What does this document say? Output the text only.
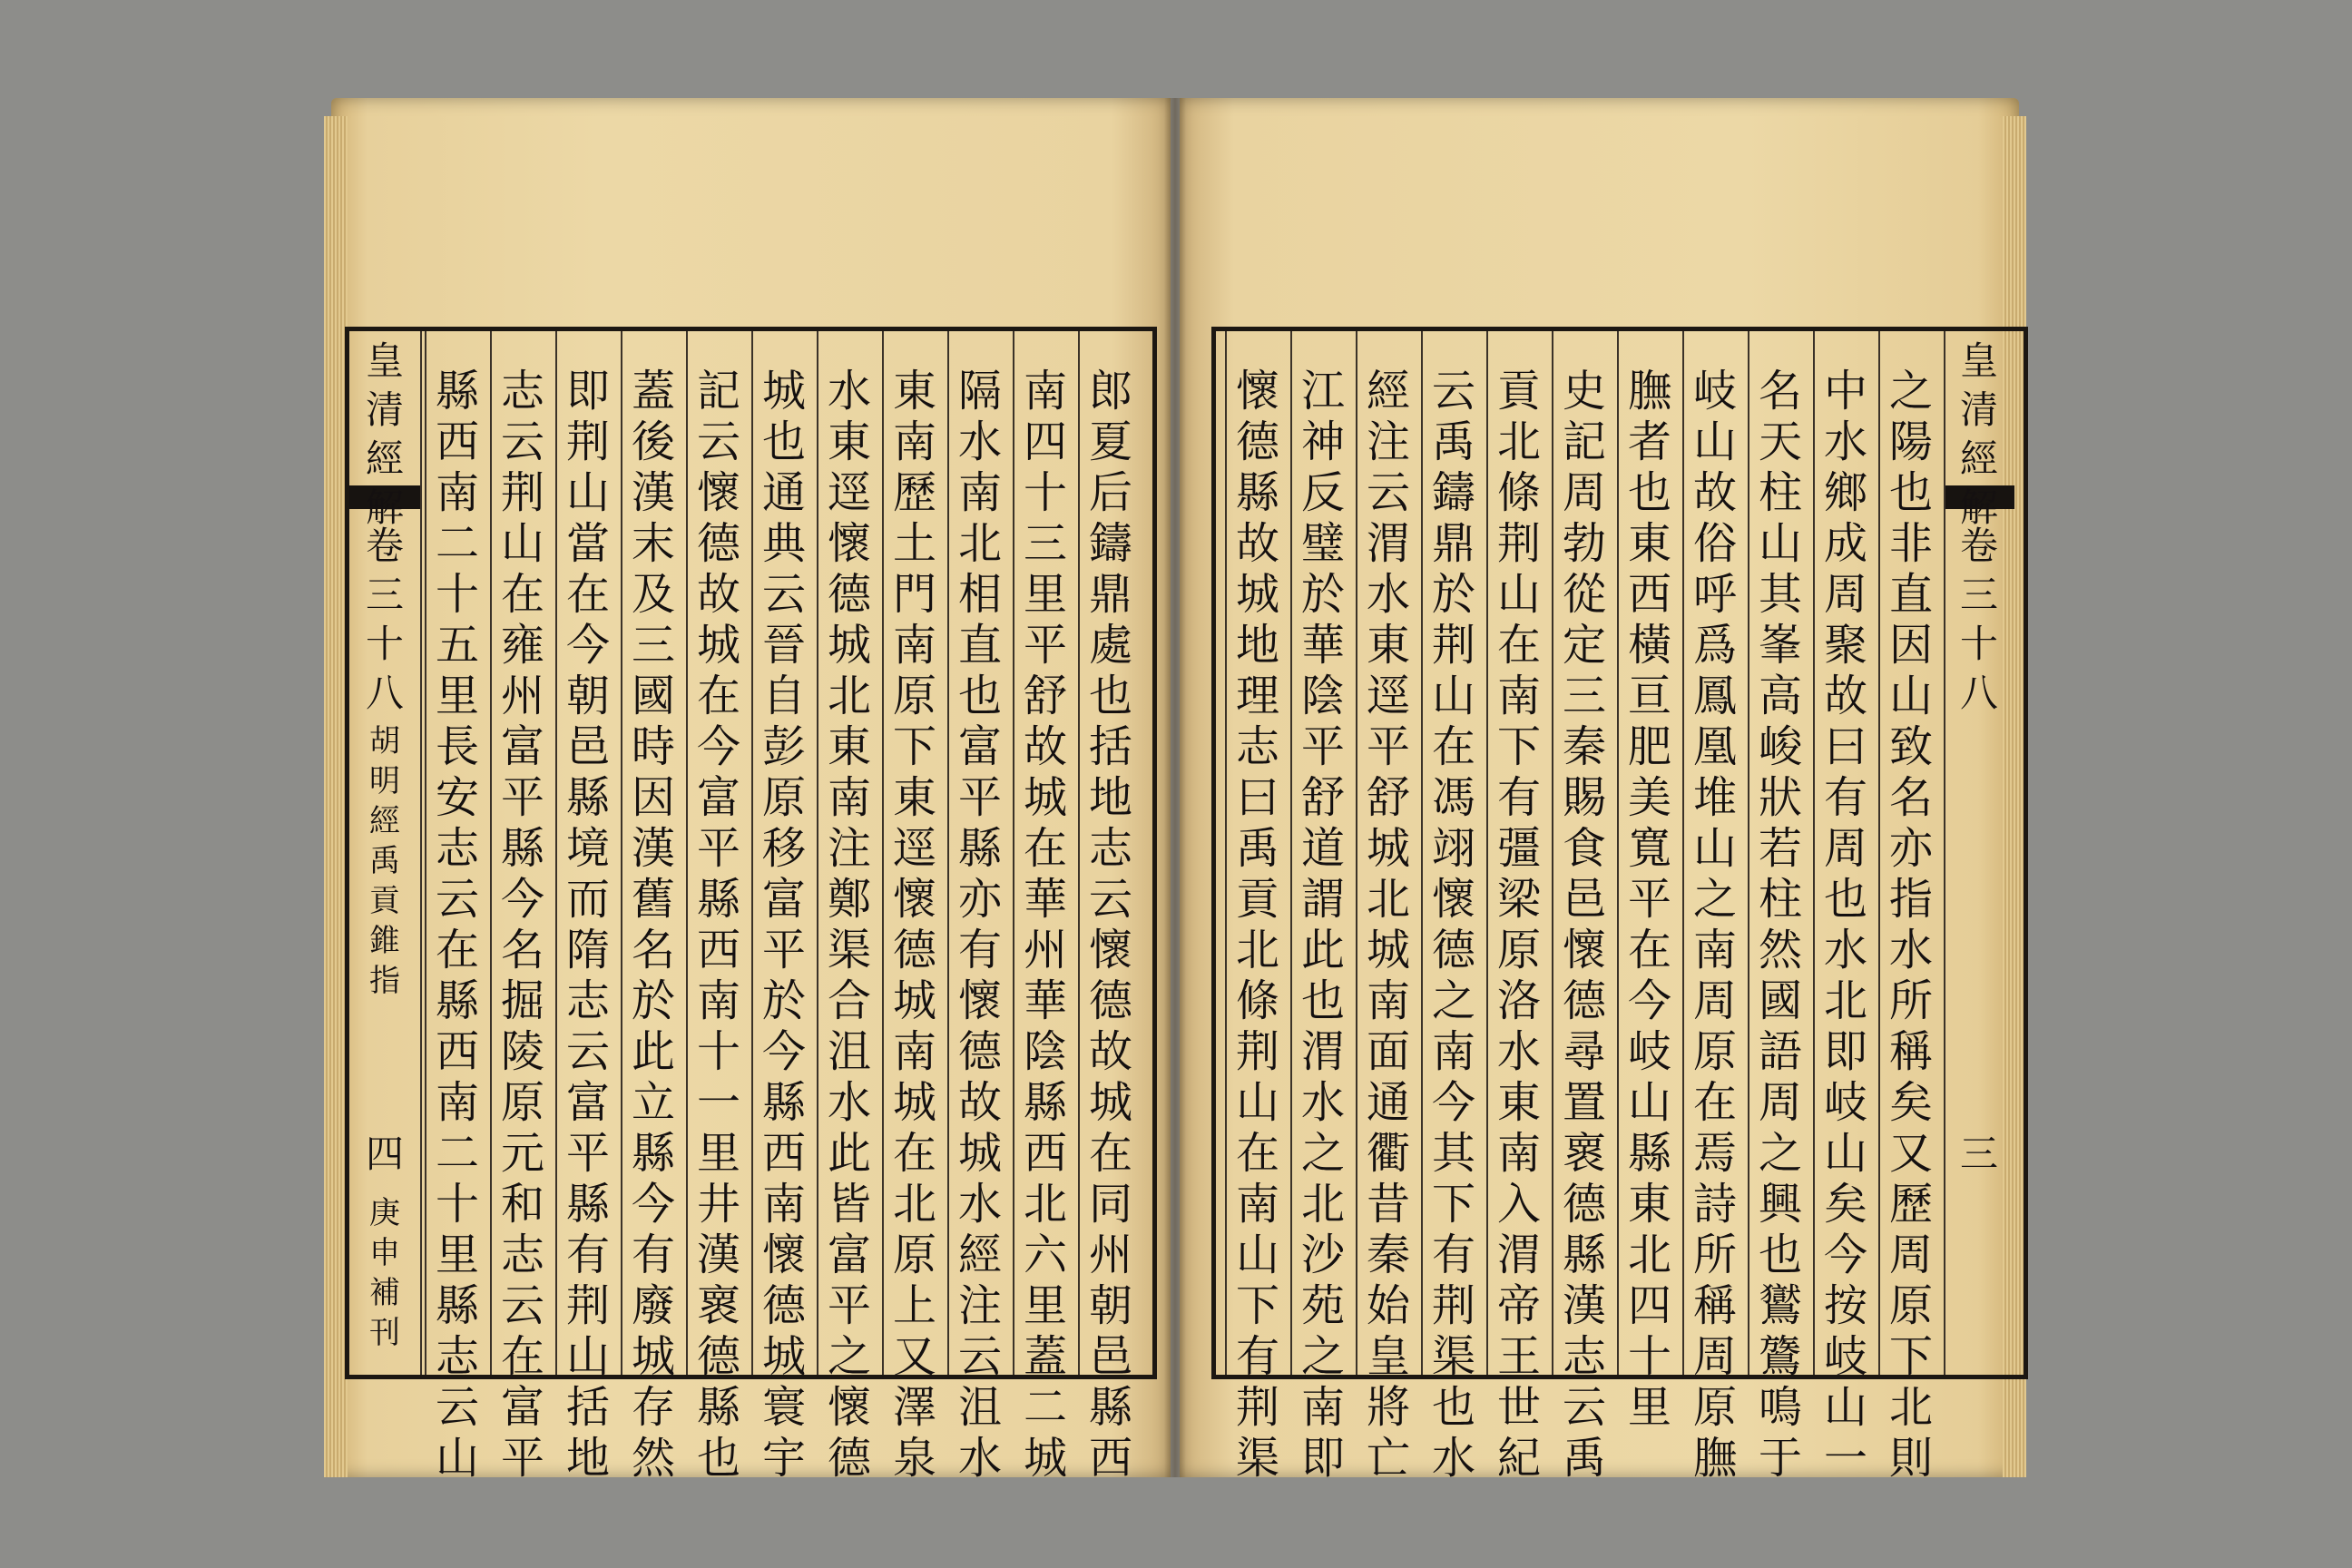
皇
清
經
解
卷
三
十
八
胡
明
經
禹
貢
錐
指
四
庚
申
補
刊
郎
夏
后
鑄
鼎
處
也
括
地
志
云
懷
德
故
城
在
同
州
朝
邑
縣
西
南
四
十
三
里
平
舒
故
城
在
華
州
華
陰
縣
西
北
六
里
蓋
二
城
隔
水
南
北
相
直
也
富
平
縣
亦
有
懷
德
故
城
水
經
注
云
沮
水
東
南
歷
土
門
南
原
下
東
逕
懷
德
城
南
城
在
北
原
上
又
澤
泉
水
東
逕
懷
德
城
北
東
南
注
鄭
渠
合
沮
水
此
皆
富
平
之
懷
德
城
也
通
典
云
晉
自
彭
原
移
富
平
於
今
縣
西
南
懷
德
城
寰
宇
記
云
懷
德
故
城
在
今
富
平
縣
西
南
十
一
里
井
漢
褱
德
縣
也
蓋
後
漢
末
及
三
國
時
因
漢
舊
名
於
此
立
縣
今
有
廢
城
存
然
即
荆
山
當
在
今
朝
邑
縣
境
而
隋
志
云
富
平
縣
有
荆
山
括
地
志
云
荆
山
在
雍
州
富
平
縣
今
名
掘
陵
原
元
和
志
云
在
富
平
縣
西
南
二
十
五
里
長
安
志
云
在
縣
西
南
二
十
里
縣
志
云
山
皇
清
經
解
卷
三
十
八
三
之
陽
也
非
直
因
山
致
名
亦
指
水
所
稱
矣
又
歷
周
原
下
北
則
中
水
鄉
成
周
聚
故
曰
有
周
也
水
北
即
岐
山
矣
今
按
岐
山
一
名
天
柱
山
其
峯
高
峻
狀
若
柱
然
國
語
周
之
興
也
鸑
鷟
鳴
于
岐
山
故
俗
呼
爲
鳳
凰
堆
山
之
南
周
原
在
焉
詩
所
稱
周
原
膴
膴
者
也
東
西
橫
亘
肥
美
寬
平
在
今
岐
山
縣
東
北
四
十
里
史
記
周
勃
從
定
三
秦
賜
食
邑
懷
德
尋
置
褱
德
縣
漢
志
云
禹
貢
北
條
荆
山
在
南
下
有
彊
梁
原
洛
水
東
南
入
渭
帝
王
世
紀
云
禹
鑄
鼎
於
荆
山
在
馮
翊
懷
德
之
南
今
其
下
有
荆
渠
也
水
經
注
云
渭
水
東
逕
平
舒
城
北
城
南
面
通
衢
昔
秦
始
皇
將
亡
江
神
反
璧
於
華
陰
平
舒
道
謂
此
也
渭
水
之
北
沙
苑
之
南
即
懷
德
縣
故
城
地
理
志
曰
禹
貢
北
條
荆
山
在
南
山
下
有
荆
渠
